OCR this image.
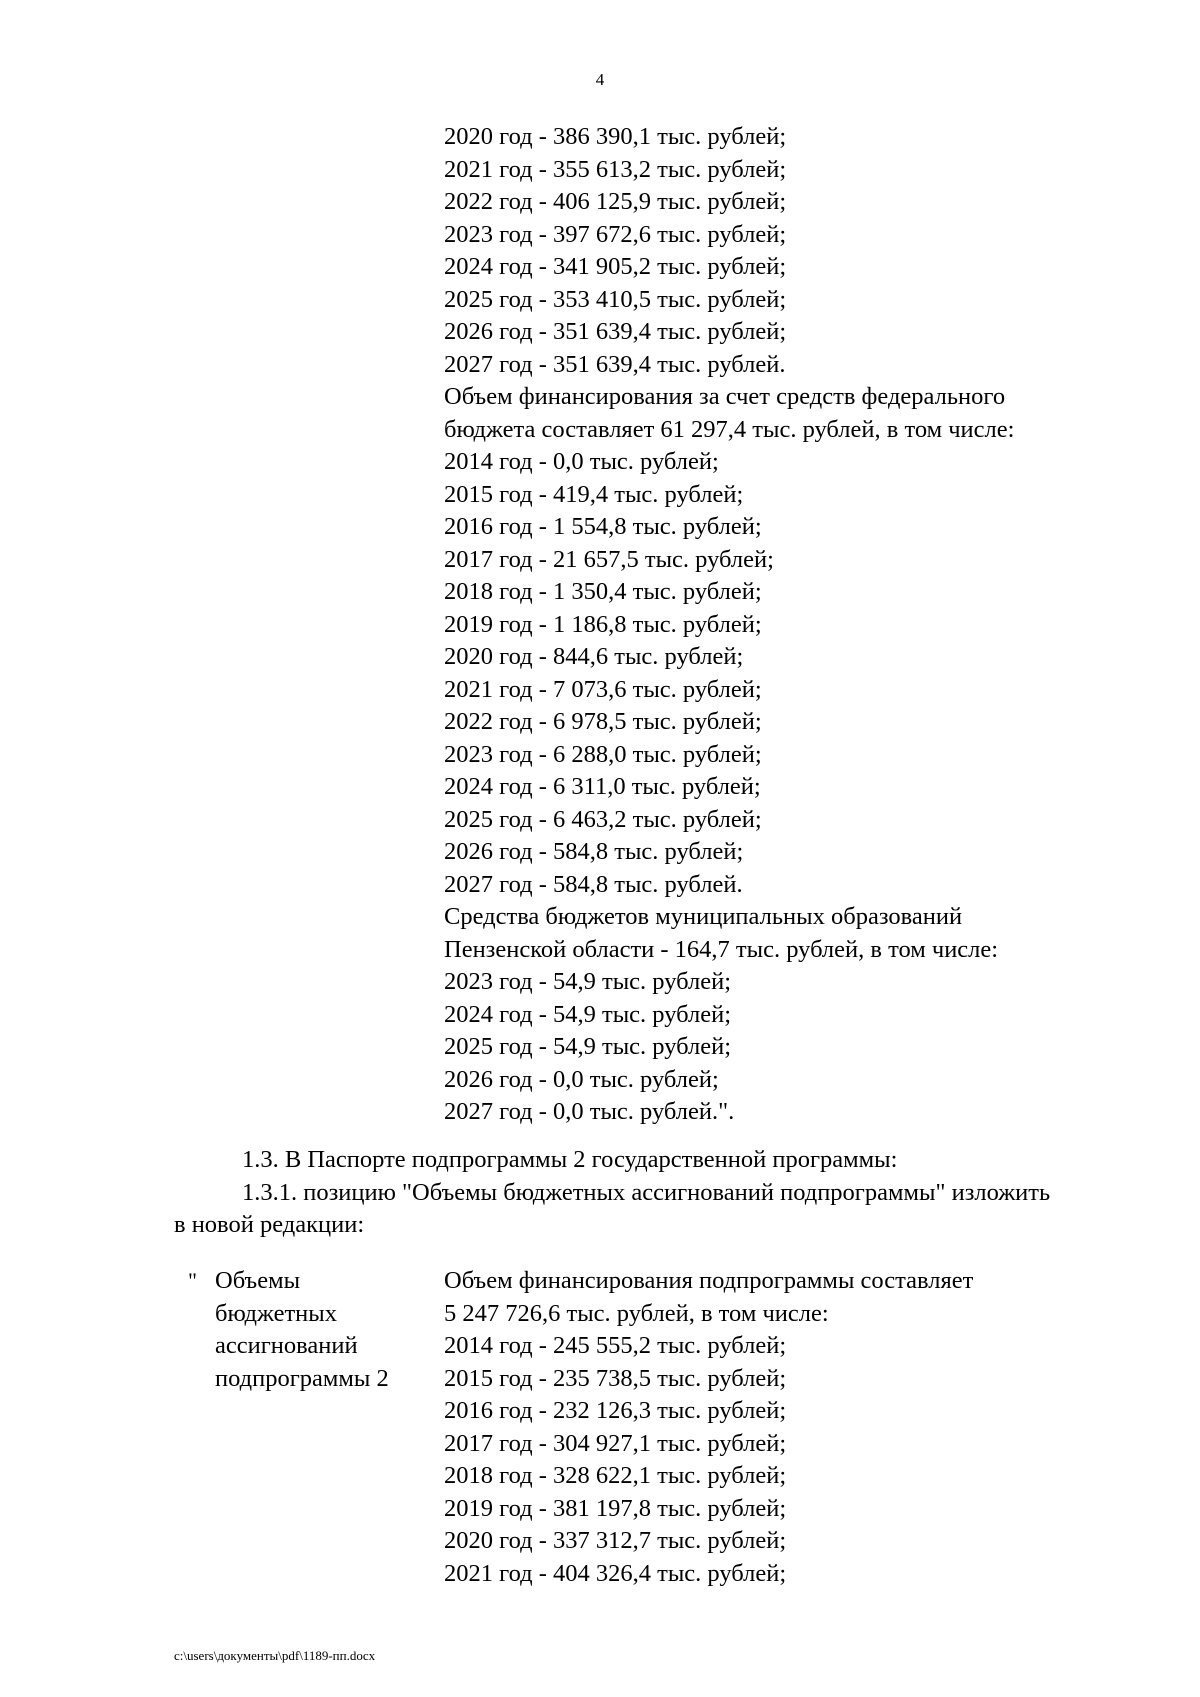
4
2020 год - 386 390,1 тыс. рублей;
2021 год - 355 613,2 тыс. рублей;
2022 год - 406 125,9 тыс. рублей;
2023 год - 397 672,6 тыс. рублей;
2024 год - 341 905,2 тыс. рублей;
2025 год - 353 410,5 тыс. рублей;
2026 год - 351 639,4 тыс. рублей;
2027 год - 351 639,4 тыс. рублей.
Объем финансирования за счет средств федерального
бюджета составляет 61 297,4 тыс. рублей, в том числе:
2014 год - 0,0 тыс. рублей;
2015 год - 419,4 тыс. рублей;
2016 год - 1 554,8 тыс. рублей;
2017 год - 21 657,5 тыс. рублей;
2018 год - 1 350,4 тыс. рублей;
2019 год - 1 186,8 тыс. рублей;
2020 год - 844,6 тыс. рублей;
2021 год - 7 073,6 тыс. рублей;
2022 год - 6 978,5 тыс. рублей;
2023 год - 6 288,0 тыс. рублей;
2024 год - 6 311,0 тыс. рублей;
2025 год - 6 463,2 тыс. рублей;
2026 год - 584,8 тыс. рублей;
2027 год - 584,8 тыс. рублей.
Средства бюджетов муниципальных образований
Пензенской области - 164,7 тыс. рублей, в том числе:
2023 год - 54,9 тыс. рублей;
2024 год - 54,9 тыс. рублей;
2025 год - 54,9 тыс. рублей;
2026 год - 0,0 тыс. рублей;
2027 год - 0,0 тыс. рублей.".
1.3. В Паспорте подпрограммы 2 государственной программы:
1.3.1. позицию "Объемы бюджетных ассигнований подпрограммы" изложить
в новой редакции:
" Объемы
бюджетных
ассигнований
подпрограммы 2
Объем финансирования подпрограммы составляет
5 247 726,6 тыс. рублей, в том числе:
2014 год - 245 555,2 тыс. рублей;
2015 год - 235 738,5 тыс. рублей;
2016 год - 232 126,3 тыс. рублей;
2017 год - 304 927,1 тыс. рублей;
2018 год - 328 622,1 тыс. рублей;
2019 год - 381 197,8 тыс. рублей;
2020 год - 337 312,7 тыс. рублей;
2021 год - 404 326,4 тыс. рублей;
c:\users\документы\pdf\1189-пп.docx
